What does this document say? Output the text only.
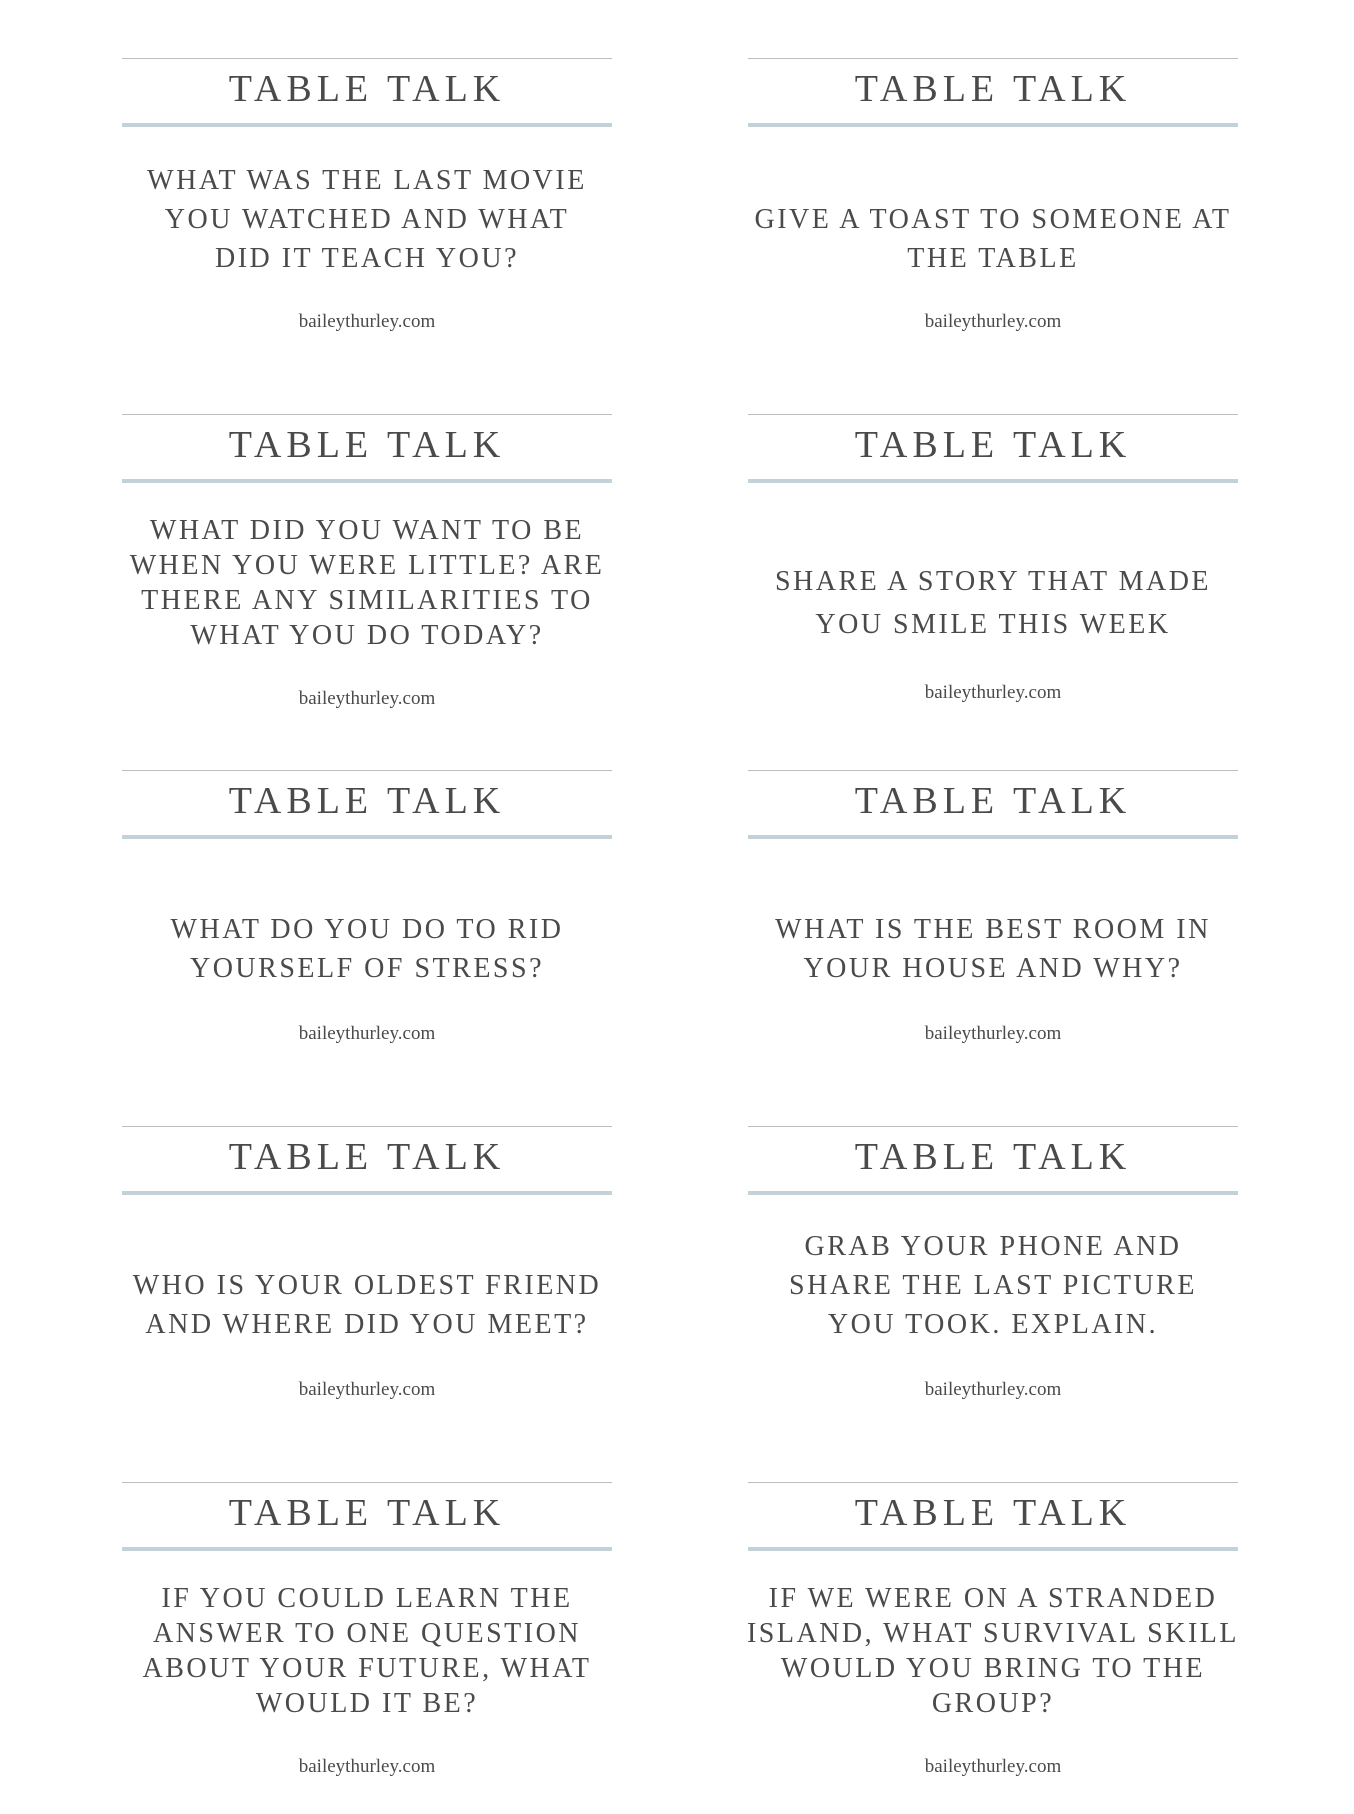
TABLE TALK
WHAT WAS THE LAST MOVIE
YOU WATCHED AND WHAT
DID IT TEACH YOU?
baileythurley.com
TABLE TALK
GIVE A TOAST TO SOMEONE AT
THE TABLE
baileythurley.com
TABLE TALK
WHAT DID YOU WANT TO BE
WHEN YOU WERE LITTLE? ARE
THERE ANY SIMILARITIES TO
WHAT YOU DO TODAY?
baileythurley.com
TABLE TALK
SHARE A STORY THAT MADE
YOU SMILE THIS WEEK
baileythurley.com
TABLE TALK
WHAT DO YOU DO TO RID
YOURSELF OF STRESS?
baileythurley.com
TABLE TALK
WHAT IS THE BEST ROOM IN
YOUR HOUSE AND WHY?
baileythurley.com
TABLE TALK
WHO IS YOUR OLDEST FRIEND
AND WHERE DID YOU MEET?
baileythurley.com
TABLE TALK
GRAB YOUR PHONE AND
SHARE THE LAST PICTURE
YOU TOOK. EXPLAIN.
baileythurley.com
TABLE TALK
IF YOU COULD LEARN THE
ANSWER TO ONE QUESTION
ABOUT YOUR FUTURE, WHAT
WOULD IT BE?
baileythurley.com
TABLE TALK
IF WE WERE ON A STRANDED
ISLAND, WHAT SURVIVAL SKILL
WOULD YOU BRING TO THE
GROUP?
baileythurley.com
